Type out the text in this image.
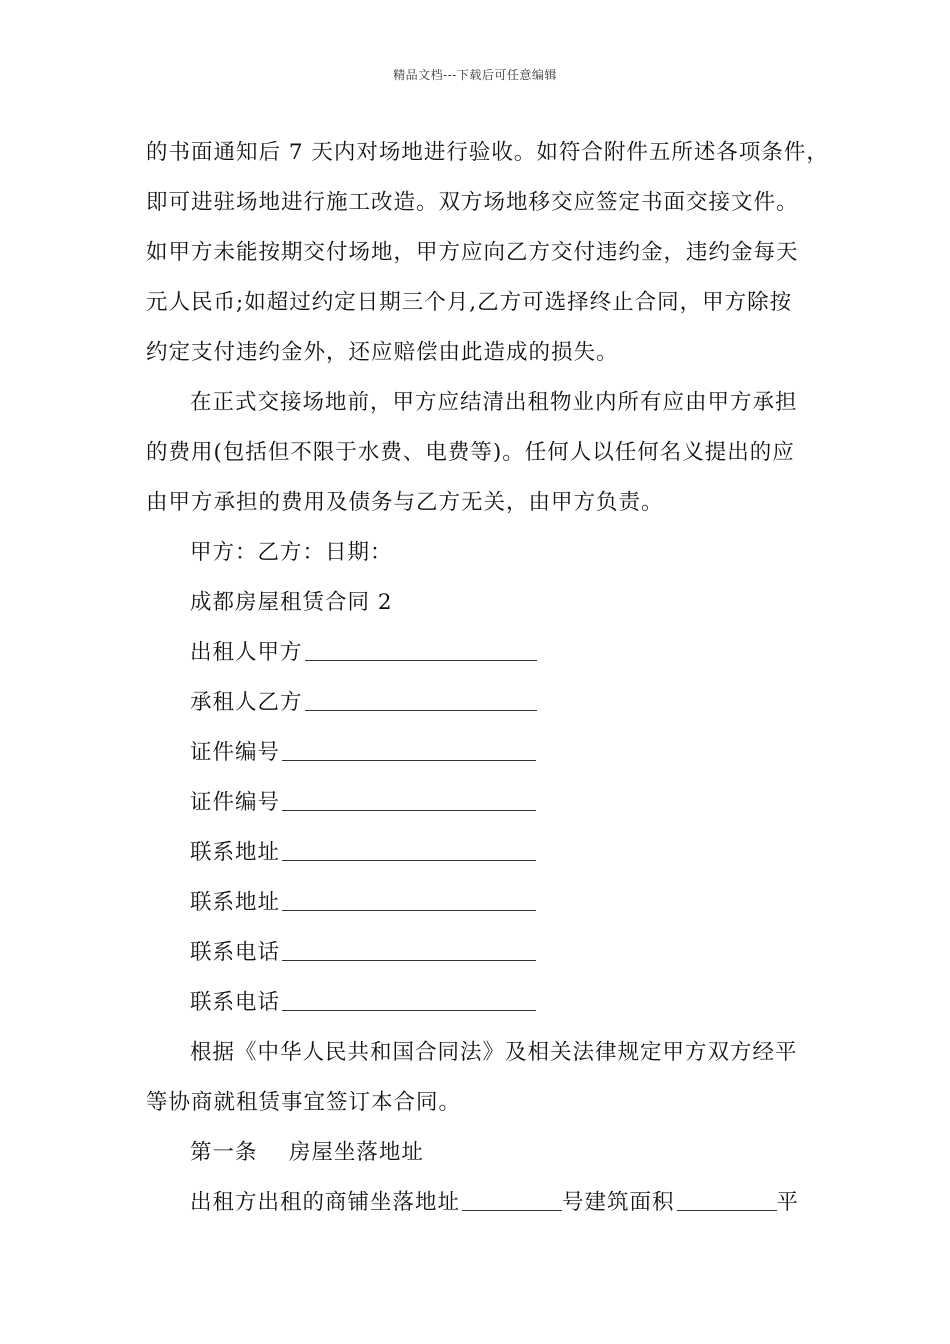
精品文档---下载后可任意编辑
的书面通知后 7 天内对场地进行验收。如符合附件五所述各项条件，
即可进驻场地进行施工改造。双方场地移交应签定书面交接文件。
如甲方未能按期交付场地，甲方应向乙方交付违约金，违约金每天
元人民币;如超过约定日期三个月,乙方可选择终止合同，甲方除按
约定支付违约金外，还应赔偿由此造成的损失。
在正式交接场地前，甲方应结清出租物业内所有应由甲方承担
的费用(包括但不限于水费、电费等)。任何人以任何名义提出的应
由甲方承担的费用及债务与乙方无关，由甲方负责。
甲方：乙方：日期：
成都房屋租赁合同 2
出租人甲方
承租人乙方
证件编号
证件编号
联系地址
联系地址
联系电话
联系电话
根据《中华人民共和国合同法》及相关法律规定甲方双方经平
等协商就租赁事宜签订本合同。
第一条    房屋坐落地址
出租方出租的商铺坐落地址	号建筑面积	平
